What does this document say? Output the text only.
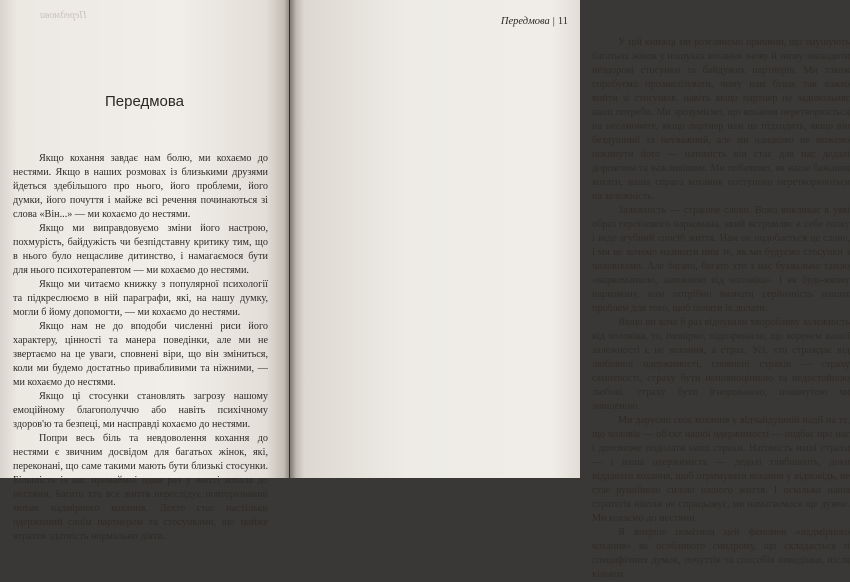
Передмова
Передмова

Якщо кохання завдає нам болю, ми кохаємо до нестями. Якщо в наших розмовах із близькими друзями йдеться здебільшого про нього, його проблеми, його думки, його почуття і майже всі речення починаються зі слова «Він...» — ми кохаємо до нестями.

Якщо ми виправдовуємо зміни його настрою, похмурість, байдужість чи безпідставну критику тим, що в нього було нещасливе дитинство, і намагаємося бути для нього психотерапевтом — ми кохаємо до нестями.

Якщо ми читаємо книжку з популярної психології та підкреслюємо в ній параграфи, які, на нашу думку, могли б йому допомогти, — ми кохаємо до нестями.

Якщо нам не до вподоби численні риси його характеру, цінності та манера поведінки, але ми не звертаємо на це уваги, сповнені віри, що він зміниться, коли ми будемо достатньо привабливими та ніжними, — ми кохаємо до нестями.

Якщо ці стосунки становлять загрозу нашому емоційному благополуччю або навіть психічному здоров'ю та безпеці, ми насправді кохаємо до нестями.

Попри весь біль та невдоволення кохання до нестями є звичним досвідом для багатьох жінок, які, переконані, що саме такими мають бути близькі стосунки. Більшість із нас принаймні один раз у житті кохала до нестями. Багато хто все життя переслідує повторюваний мотив надмірного кохання. Дехто стає настільки одержимий своїм партнером та стосунками, що майже втратив здатність нормально діяти.

Передмова | 11

У цій книжці ми розглянемо причини, що змушують багатьох жінок у пошуках кохання знову й знову знаходити нездорові стосунки та байдужих партнерів. Ми також спробуємо проаналізувати, чому нам буває так важко вийти зі стосунків, навіть якщо партнер не задовольняє наші потреби. Ми зрозуміємо, що кохання перетворюється на несамовите, якщо партнер нам не підходить, якщо він бездушний та неуважний, але ми однаково не можемо покинути його — натомість він стає для нас дедалі дорожчим та важливішим. Ми побачимо, як наше бажання кохати, наша спрага кохання поступово перетворюються на залежність.

Залежність — страшне слово. Воно викликає в уяві образ героїнового наркомана, який встромляє в себе голку і веде згубний спосіб життя. Нам не подобається це слово, і ми не хочемо називати ним те, як ми будуємо стосунки з чоловіками. Але багато, багато хто з нас буквально такою «наркоманкою, залежною від чоловіка». І як будь-якому наркоману, нам потрібно визнати серйозність наших проблем для того, щоб почати їх долати.

Якщо ви хоча б раз відчували хворобливу залежність від чоловіка, то, імовірно, підозрювали, що коренем вашої залежності є не кохання, а страх. Усі, хто страждає від любовної одержимості, сповнені страхів — страху самотності, страху бути неповноцінною та недостойною любові, страху бути ігнорованою, покинутою чи знищеною.

Ми даруємо своє кохання у відчайдушній надії на те, що чоловік — об'єкт нашої одержимості — подбає про нас і допоможе подолати наші страхи. Натомість наші страхи — і наша одержимість — дедалі глибшають, доки віддавати кохання, щоб отримувати кохання у відповідь, не стає рушійною силою нашого життя. І оскільки наша стратегія ніколи не спрацьовує, ми намагаємося ще дужче. Ми кохаємо до нестями.

Я вперше помітила цей феномен «надмірного кохання» як особливого синдрому, що складається зі специфічних думок, почуттів та способів поведінки, після кількох
